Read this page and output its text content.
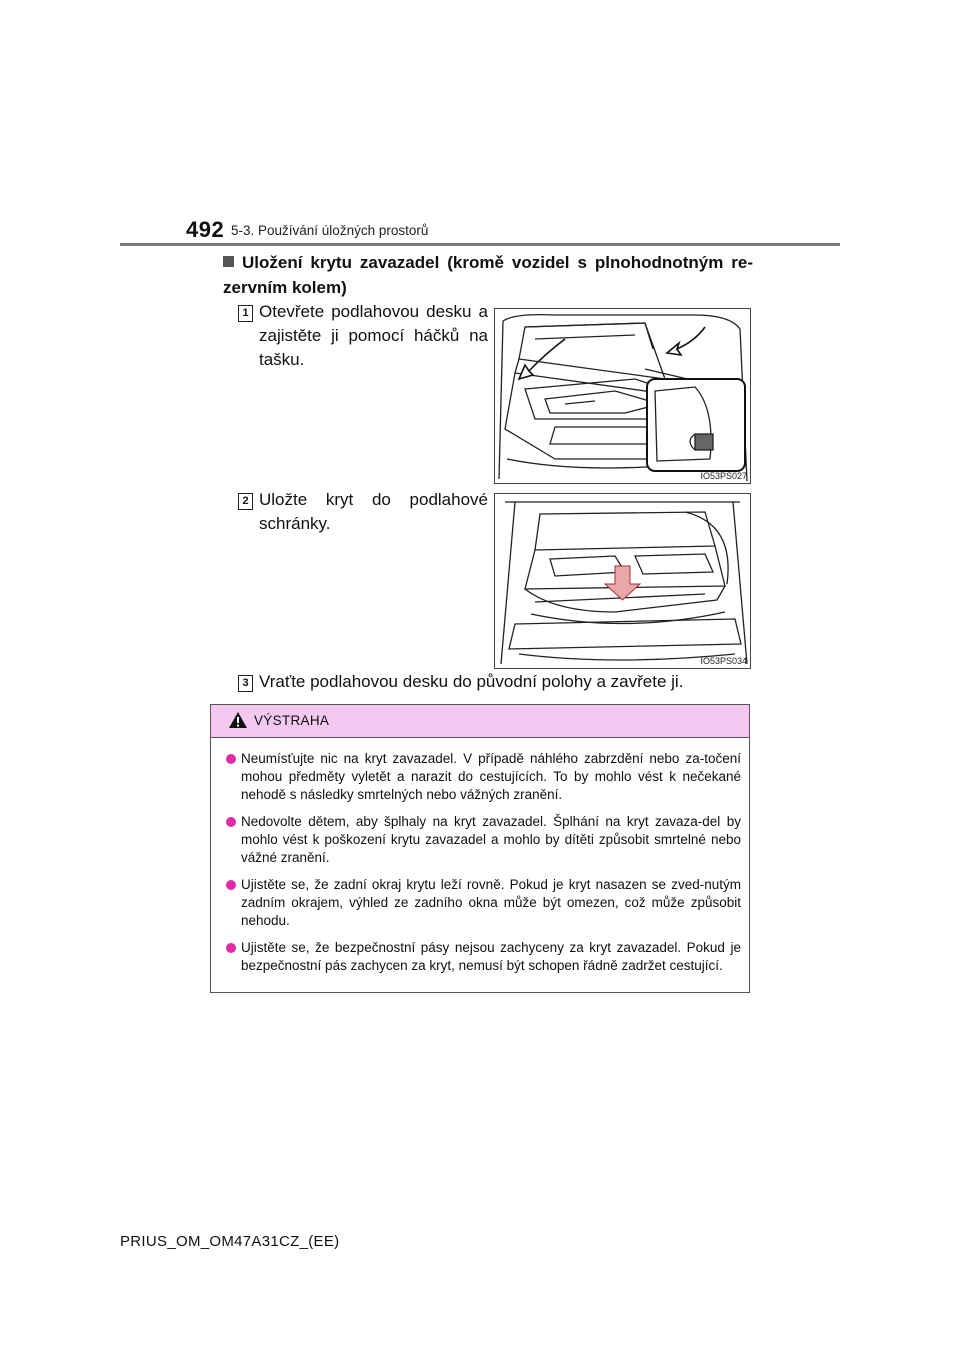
492 5-3. Používání úložných prostorů
Uložení krytu zavazadel (kromě vozidel s plnohodnotným re-zervním kolem)
1 Otevřete podlahovou desku a zajistěte ji pomocí háčků na tašku.
IO53PS027
2 Uložte kryt do podlahové schránky.
IO53PS034
3 Vraťte podlahovou desku do původní polohy a zavřete ji.
VÝSTRAHA
Neumísťujte nic na kryt zavazadel. V případě náhlého zabrzdění nebo za-točení mohou předměty vyletět a narazit do cestujících. To by mohlo vést k nečekané nehodě s následky smrtelných nebo vážných zranění.
Nedovolte dětem, aby šplhaly na kryt zavazadel. Šplhání na kryt zavaza-del by mohlo vést k poškození krytu zavazadel a mohlo by dítěti způsobit smrtelné nebo vážné zranění.
Ujistěte se, že zadní okraj krytu leží rovně. Pokud je kryt nasazen se zved-nutým zadním okrajem, výhled ze zadního okna může být omezen, což může způsobit nehodu.
Ujistěte se, že bezpečnostní pásy nejsou zachyceny za kryt zavazadel. Pokud je bezpečnostní pás zachycen za kryt, nemusí být schopen řádně zadržet cestující.
PRIUS_OM_OM47A31CZ_(EE)
